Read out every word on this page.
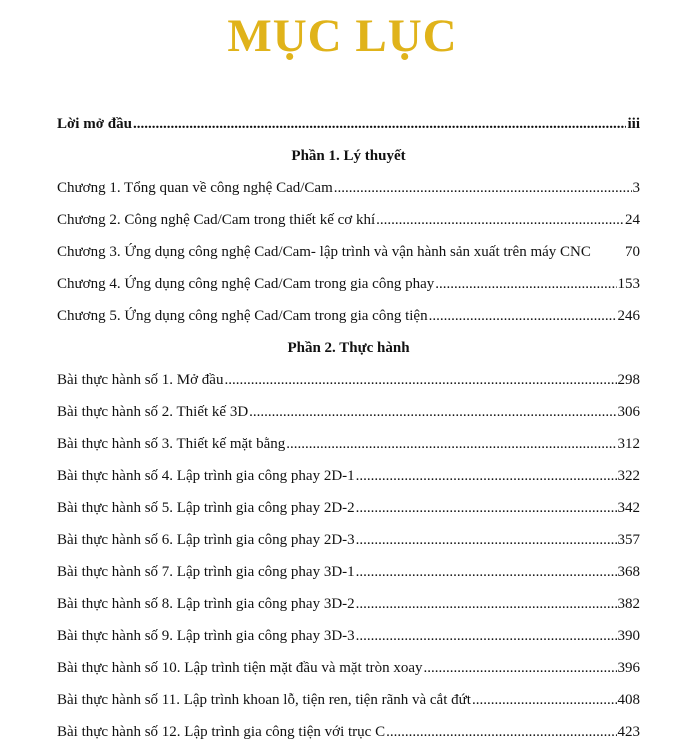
MỤC LỤC
Lời mở đầu .....	iii
Phần 1. Lý thuyết
Chương 1. Tổng quan về công nghệ Cad/Cam .....	3
Chương 2. Công nghệ Cad/Cam trong thiết kế cơ khí .....	24
Chương 3. Ứng dụng công nghệ Cad/Cam- lập trình và vận hành sản xuất trên máy CNC 70
Chương 4. Ứng dụng công nghệ Cad/Cam trong gia công phay .....	153
Chương 5. Ứng dụng công nghệ Cad/Cam trong gia công tiện .....	246
Phần 2. Thực hành
Bài thực hành số 1. Mở đầu .....	298
Bài thực hành số 2. Thiết kế 3D .....	306
Bài thực hành số 3. Thiết kế mặt bằng .....	312
Bài thực hành số 4. Lập trình gia công phay 2D-1 .....	322
Bài thực hành số 5. Lập trình gia công phay 2D-2 .....	342
Bài thực hành số 6. Lập trình gia công phay 2D-3 .....	357
Bài thực hành số 7. Lập trình gia công phay 3D-1 .....	368
Bài thực hành số 8. Lập trình gia công phay 3D-2 .....	382
Bài thực hành số 9. Lập trình gia công phay 3D-3 .....	390
Bài thực hành số 10. Lập trình tiện mặt đầu và mặt tròn xoay .....	396
Bài thực hành số 11. Lập trình khoan lỗ, tiện ren, tiện rãnh và cắt đứt .....	408
Bài thực hành số 12. Lập trình gia công tiện với trục C .....	423
